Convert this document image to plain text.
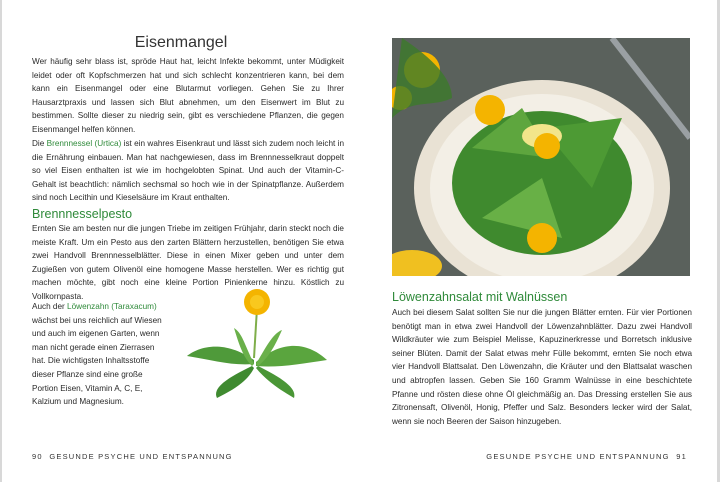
Eisenmangel
Wer häufig sehr blass ist, spröde Haut hat, leicht Infekte bekommt, unter Müdigkeit leidet oder oft Kopfschmerzen hat und sich schlecht konzentrieren kann, bei dem kann ein Eisenmangel oder eine Blutarmut vorliegen. Gehen Sie zu Ihrer Hausarztpraxis und lassen sich Blut abnehmen, um den Eisenwert im Blut zu bestimmen. Sollte dieser zu niedrig sein, gibt es verschiedene Pflanzen, die gegen Eisenmangel helfen können.
Die Brennnessel (Urtica) ist ein wahres Eisenkraut und lässt sich zudem noch leicht in die Ernährung einbauen. Man hat nachgewiesen, dass im Brennnesselkraut doppelt so viel Eisen enthalten ist wie im hochgelobten Spinat. Und auch der Vitamin-C-Gehalt ist beachtlich: nämlich sechsmal so hoch wie in der Spinatpflanze. Außerdem sind noch Lecithin und Kieselsäure im Kraut enthalten.
Brennnesselpesto
Ernten Sie am besten nur die jungen Triebe im zeitigen Frühjahr, darin steckt noch die meiste Kraft. Um ein Pesto aus den zarten Blättern herzustellen, benötigen Sie etwa zwei Handvoll Brennnesselblätter. Diese in einen Mixer geben und unter dem Zugießen von gutem Olivenöl eine homogene Masse herstellen. Wer es richtig gut machen möchte, gibt noch eine kleine Portion Pinienkerne hinzu. Köstlich zu Vollkornpasta.
Auch der Löwenzahn (Taraxacum) wächst bei uns reichlich auf Wiesen und auch im eigenen Garten, wenn man nicht gerade einen Zierrasen hat. Die wichtigsten Inhaltsstoffe dieser Pflanze sind eine große Portion Eisen, Vitamin A, C, E, Kalzium und Magnesium.
90 GESUNDE PSYCHE UND ENTSPANNUNG
Löwenzahnsalat mit Walnüssen
Auch bei diesem Salat sollten Sie nur die jungen Blätter ernten. Für vier Portionen benötigt man in etwa zwei Handvoll der Löwenzahnblätter. Dazu zwei Handvoll Wildkräuter wie zum Beispiel Melisse, Kapuzinerkresse und Borretsch inklusive seiner Blüten. Damit der Salat etwas mehr Fülle bekommt, ernten Sie noch etwa vier Handvoll Blattsalat. Den Löwenzahn, die Kräuter und den Blattsalat waschen und abtropfen lassen. Geben Sie 160 Gramm Walnüsse in eine beschichtete Pfanne und rösten diese ohne Öl gleichmäßig an. Das Dressing erstellen Sie aus Zitronensaft, Olivenöl, Honig, Pfeffer und Salz. Besonders lecker wird der Salat, wenn sie noch Beeren der Saison hinzugeben.
GESUNDE PSYCHE UND ENTSPANNUNG 91
